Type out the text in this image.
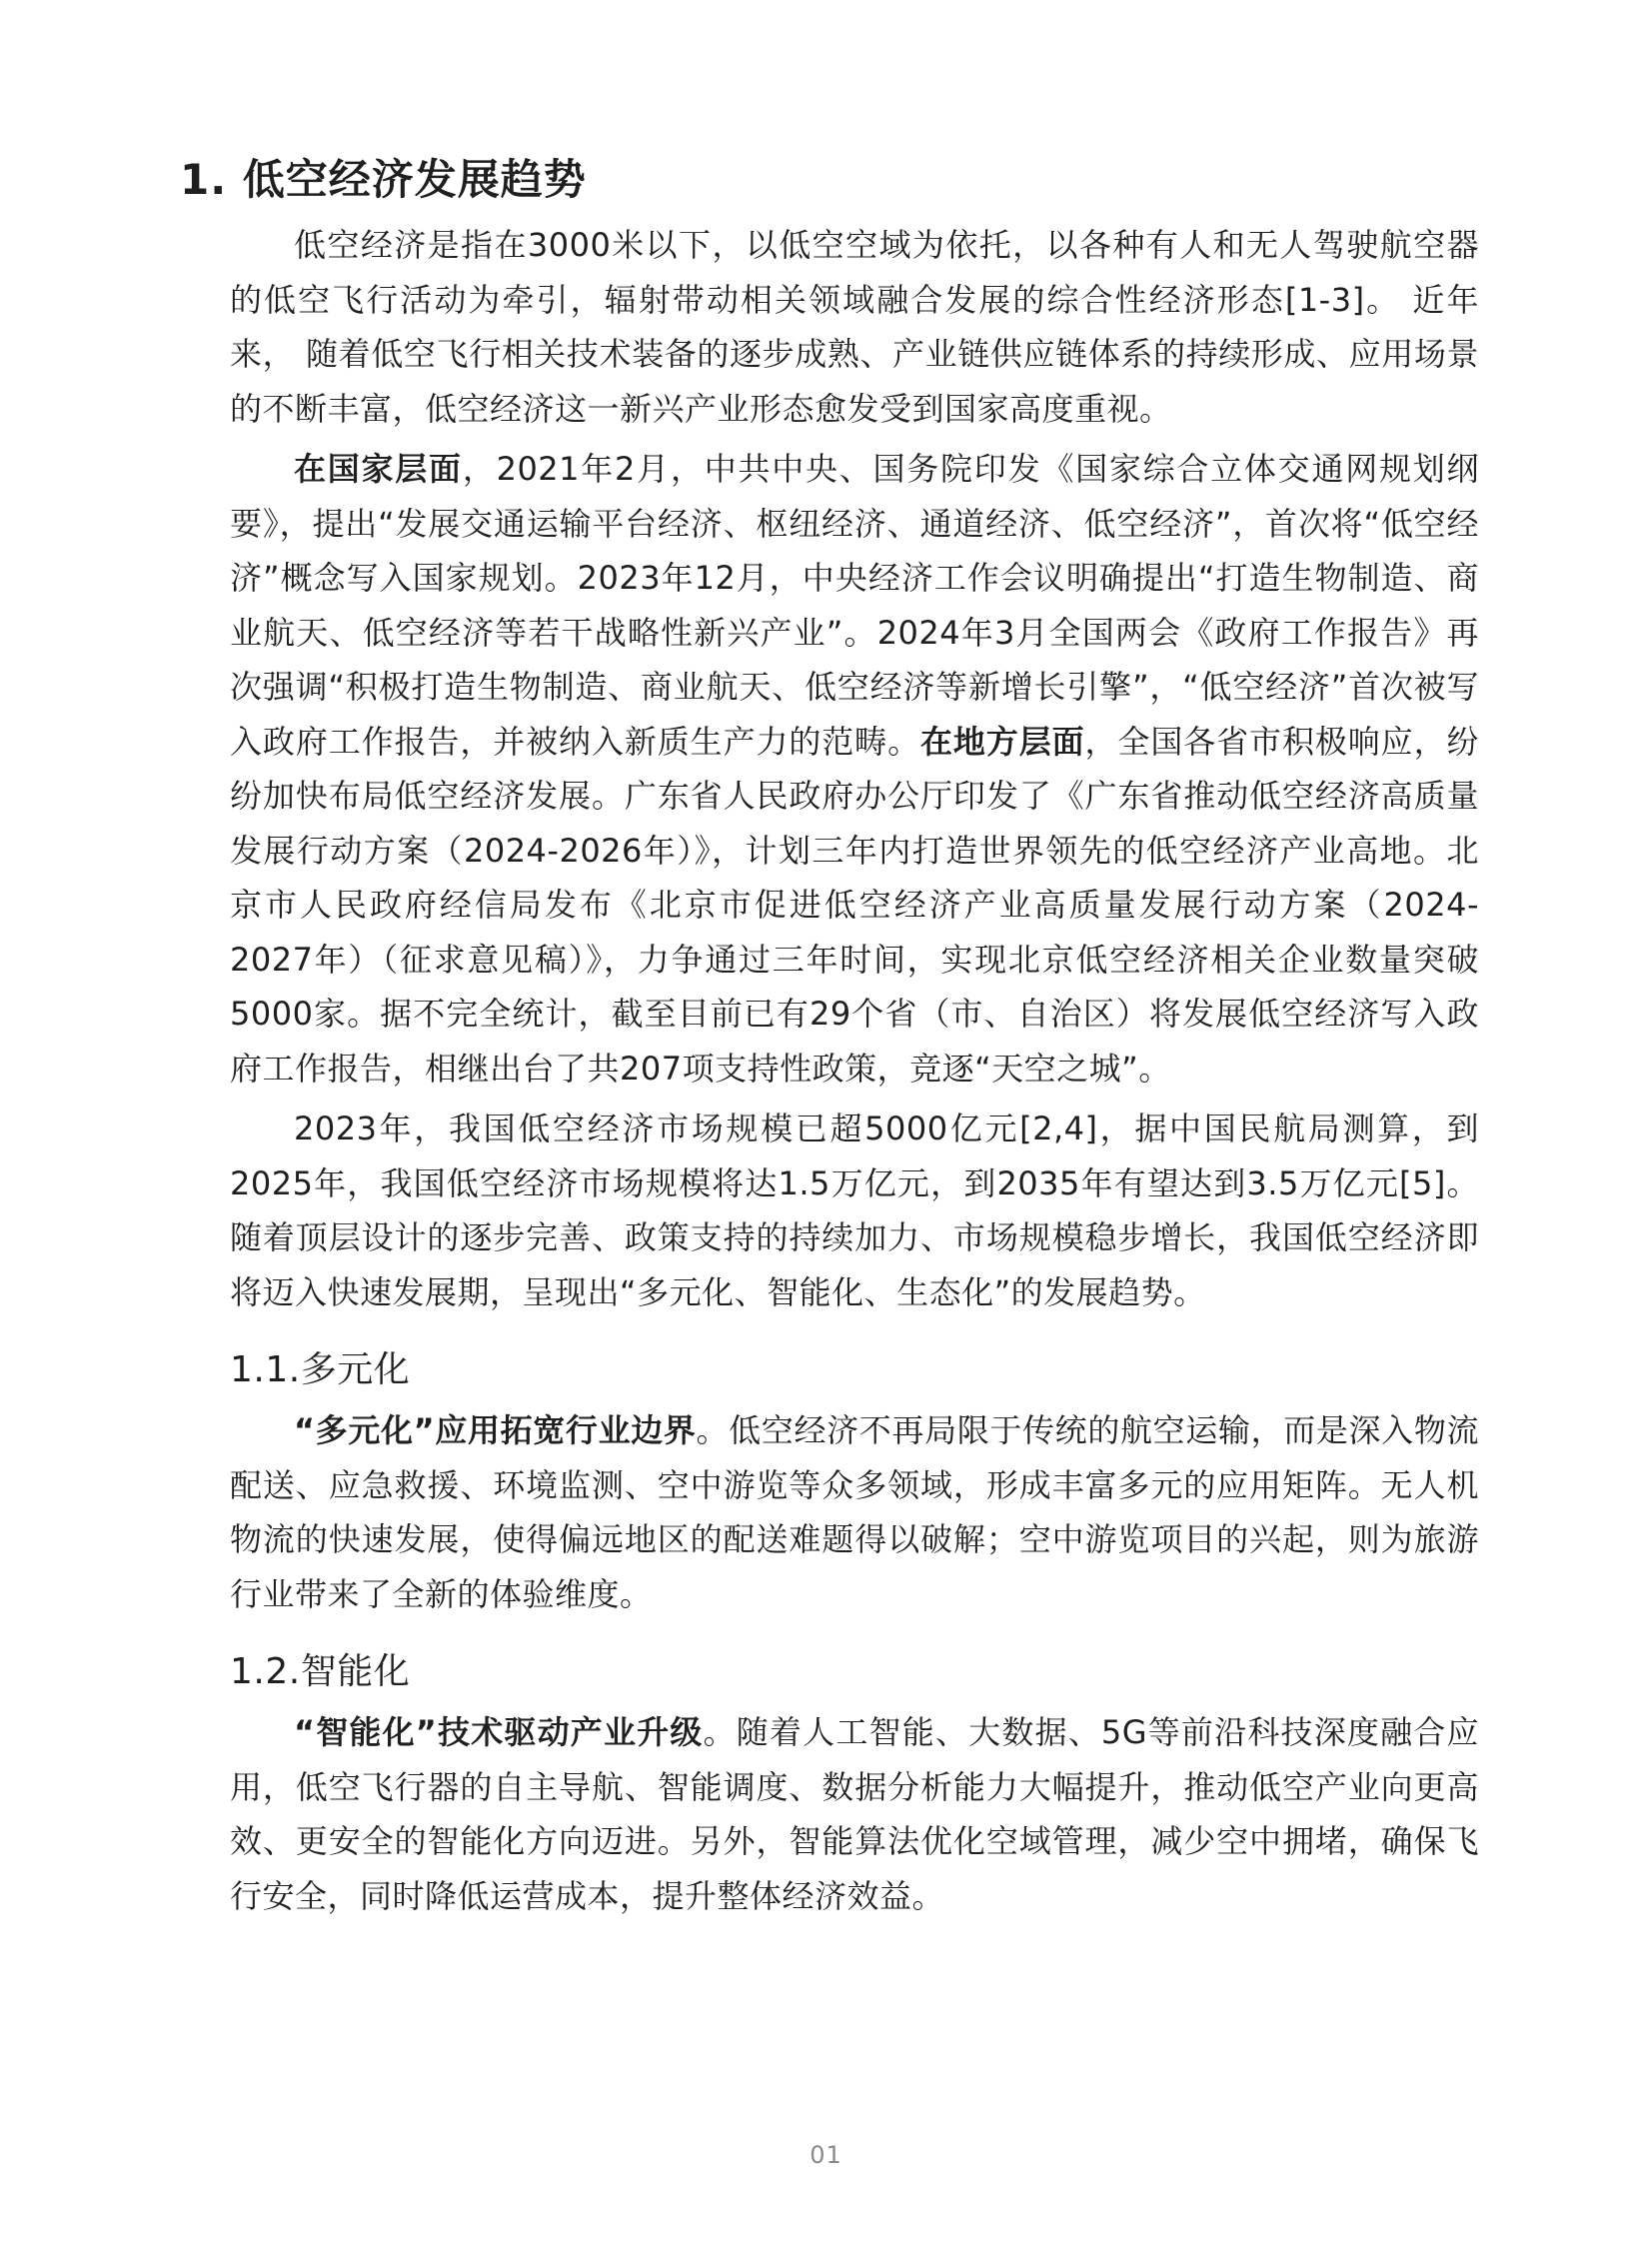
1. 低空经济发展趋势

低空经济是指在3000米以下，以低空空域为依托，以各种有人和无人驾驶航空器的低空飞行活动为牵引，辐射带动相关领域融合发展的综合性经济形态[1-3]。 近年来， 随着低空飞行相关技术装备的逐步成熟、产业链供应链体系的持续形成、应用场景的不断丰富，低空经济这一新兴产业形态愈发受到国家高度重视。

在国家层面，2021年2月，中共中央、国务院印发《国家综合立体交通网规划纲要》，提出“发展交通运输平台经济、枢纽经济、通道经济、低空经济”，首次将“低空经济”概念写入国家规划。2023年12月，中央经济工作会议明确提出“打造生物制造、商业航天、低空经济等若干战略性新兴产业”。2024年3月全国两会《政府工作报告》再次强调“积极打造生物制造、商业航天、低空经济等新增长引擎”，“低空经济”首次被写入政府工作报告，并被纳入新质生产力的范畴。在地方层面，全国各省市积极响应，纷纷加快布局低空经济发展。广东省人民政府办公厅印发了《广东省推动低空经济高质量发展行动方案（2024-2026年）》，计划三年内打造世界领先的低空经济产业高地。北京市人民政府经信局发布《北京市促进低空经济产业高质量发展行动方案（2024-2027年）（征求意见稿）》，力争通过三年时间，实现北京低空经济相关企业数量突破5000家。据不完全统计，截至目前已有29个省（市、自治区）将发展低空经济写入政府工作报告，相继出台了共207项支持性政策，竞逐“天空之城”。

2023年，我国低空经济市场规模已超5000亿元[2,4]，据中国民航局测算，到2025年，我国低空经济市场规模将达1.5万亿元，到2035年有望达到3.5万亿元[5]。随着顶层设计的逐步完善、政策支持的持续加力、市场规模稳步增长，我国低空经济即将迈入快速发展期，呈现出“多元化、智能化、生态化”的发展趋势。

1.1.多元化

“多元化”应用拓宽行业边界。低空经济不再局限于传统的航空运输，而是深入物流配送、应急救援、环境监测、空中游览等众多领域，形成丰富多元的应用矩阵。无人机物流的快速发展，使得偏远地区的配送难题得以破解；空中游览项目的兴起，则为旅游行业带来了全新的体验维度。

1.2.智能化

“智能化”技术驱动产业升级。随着人工智能、大数据、5G等前沿科技深度融合应用，低空飞行器的自主导航、智能调度、数据分析能力大幅提升，推动低空产业向更高效、更安全的智能化方向迈进。另外，智能算法优化空域管理，减少空中拥堵，确保飞行安全，同时降低运营成本，提升整体经济效益。

01
